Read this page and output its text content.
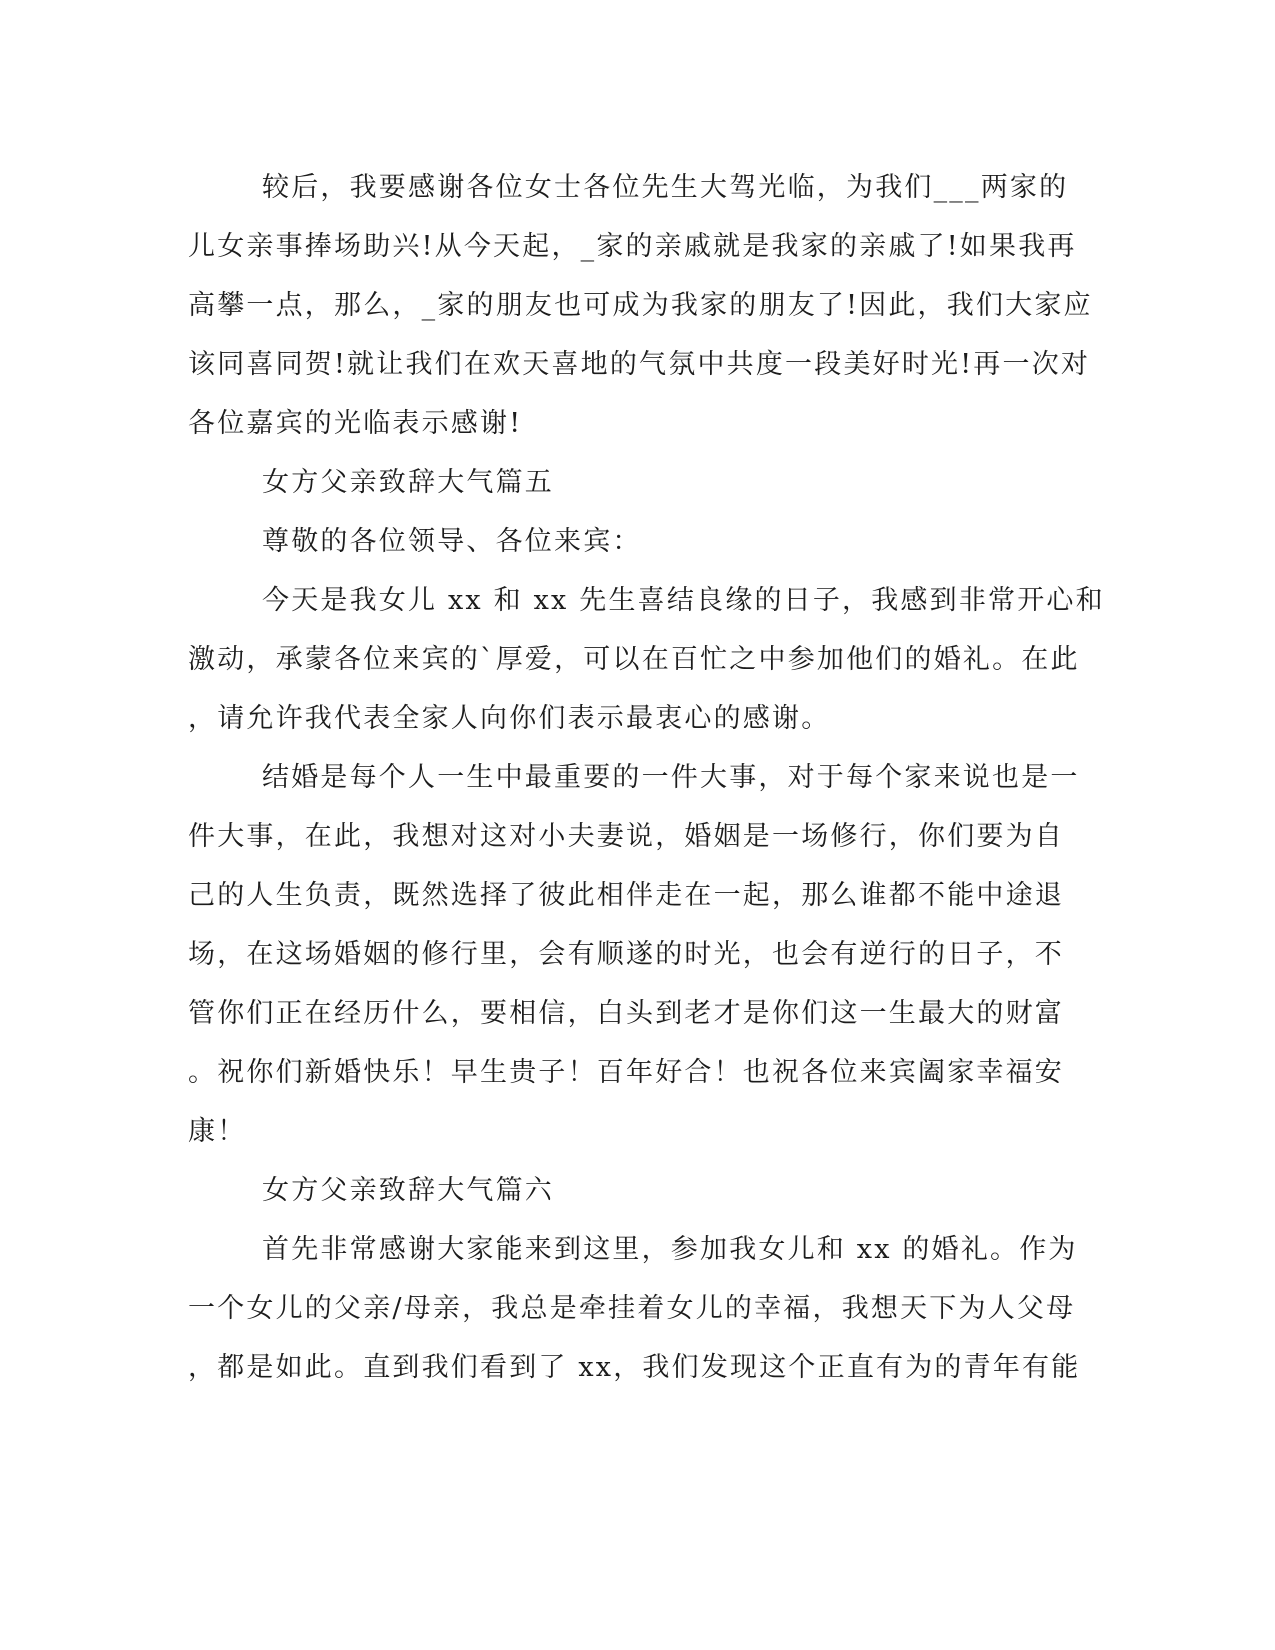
较后，我要感谢各位女士各位先生大驾光临，为我们___两家的
儿女亲事捧场助兴!从今天起，_家的亲戚就是我家的亲戚了!如果我再
高攀一点，那么，_家的朋友也可成为我家的朋友了!因此，我们大家应
该同喜同贺!就让我们在欢天喜地的气氛中共度一段美好时光!再一次对
各位嘉宾的光临表示感谢!
女方父亲致辞大气篇五
尊敬的各位领导、各位来宾：
今天是我女儿 xx 和 xx 先生喜结良缘的日子，我感到非常开心和
激动，承蒙各位来宾的`厚爱，可以在百忙之中参加他们的婚礼。在此
，请允许我代表全家人向你们表示最衷心的感谢。
结婚是每个人一生中最重要的一件大事，对于每个家来说也是一
件大事，在此，我想对这对小夫妻说，婚姻是一场修行，你们要为自
己的人生负责，既然选择了彼此相伴走在一起，那么谁都不能中途退
场，在这场婚姻的修行里，会有顺遂的时光，也会有逆行的日子，不
管你们正在经历什么，要相信，白头到老才是你们这一生最大的财富
。祝你们新婚快乐！早生贵子！百年好合！也祝各位来宾阖家幸福安
康！
女方父亲致辞大气篇六
首先非常感谢大家能来到这里，参加我女儿和 xx 的婚礼。作为
一个女儿的父亲/母亲，我总是牵挂着女儿的幸福，我想天下为人父母
，都是如此。直到我们看到了 xx，我们发现这个正直有为的青年有能
